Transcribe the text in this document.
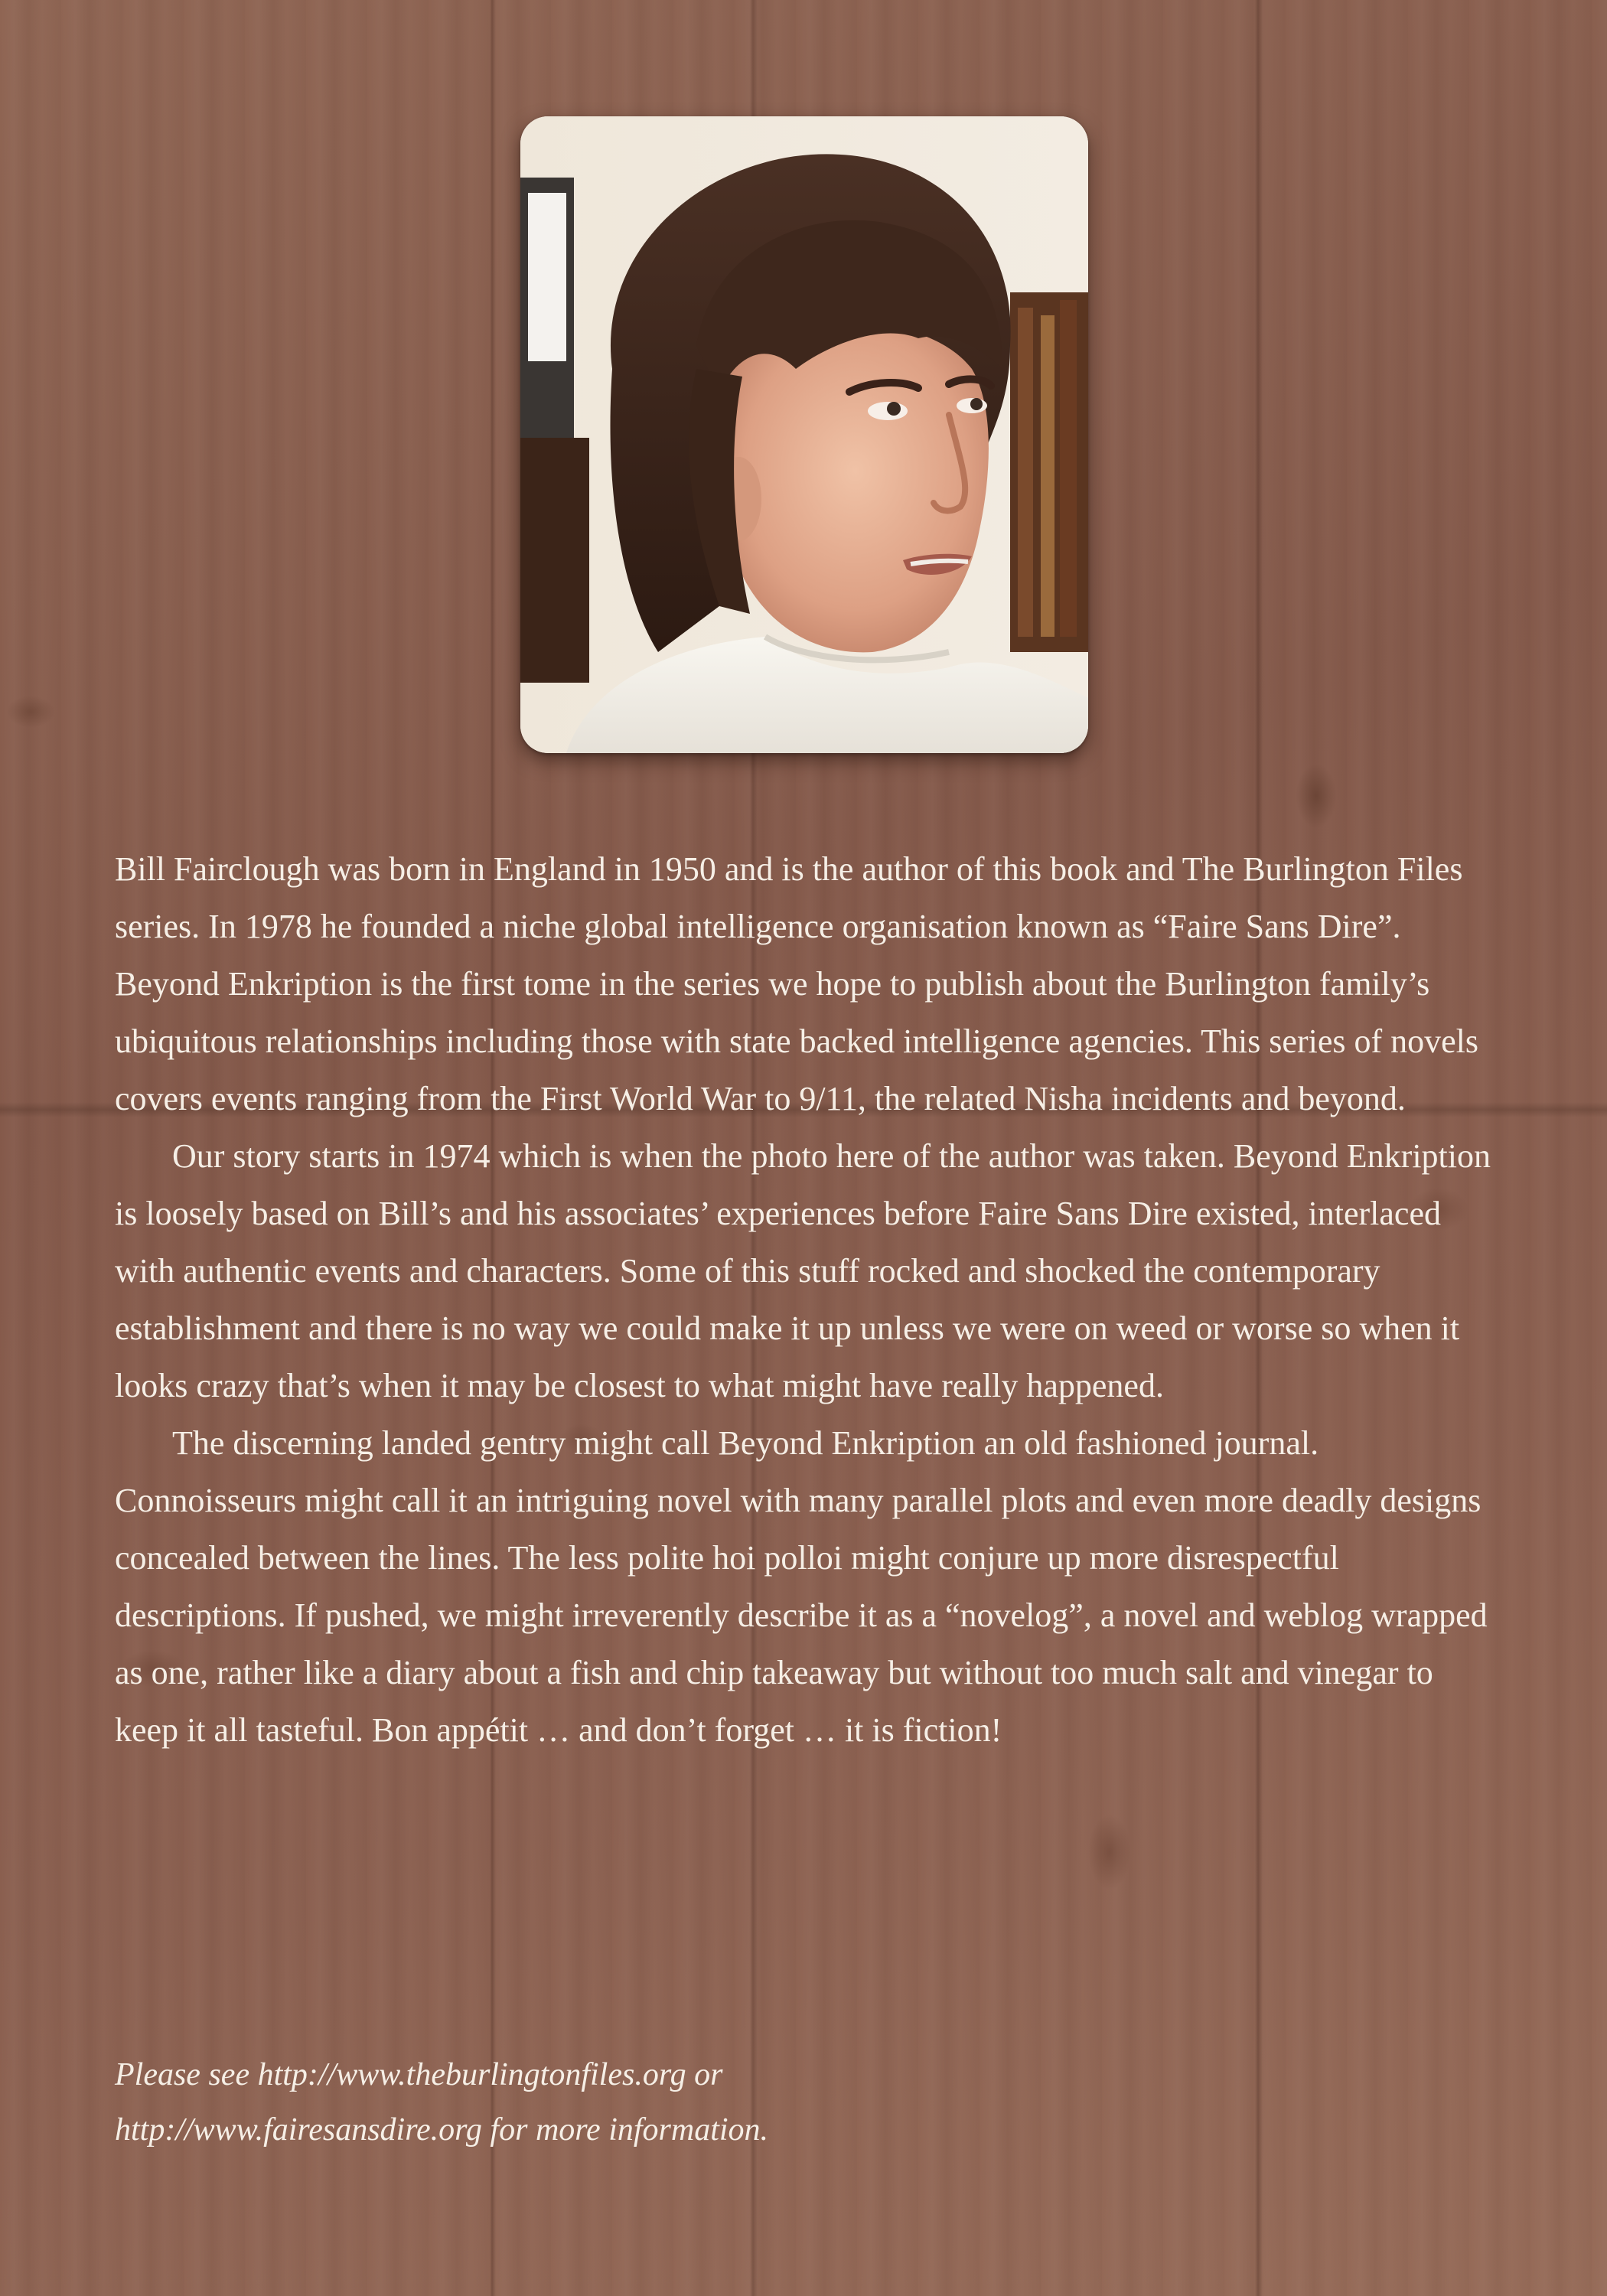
Bill Fairclough was born in England in 1950 and is the author of this book and The Burlington Files series. In 1978 he founded a niche global intelligence organisation known as “Faire Sans Dire”. Beyond Enkription is the first tome in the series we hope to publish about the Burlington family’s ubiquitous relationships including those with state backed intelligence agencies. This series of novels covers events ranging from the First World War to 9/11, the related Nisha incidents and beyond.

Our story starts in 1974 which is when the photo here of the author was taken. Beyond Enkription is loosely based on Bill’s and his associates’ experiences before Faire Sans Dire existed, interlaced with authentic events and characters. Some of this stuff rocked and shocked the contemporary establishment and there is no way we could make it up unless we were on weed or worse so when it looks crazy that’s when it may be closest to what might have really happened.

The discerning landed gentry might call Beyond Enkription an old fashioned journal. Connoisseurs might call it an intriguing novel with many parallel plots and even more deadly designs concealed between the lines. The less polite hoi polloi might conjure up more disrespectful descriptions. If pushed, we might irreverently describe it as a “novelog”, a novel and weblog wrapped as one, rather like a diary about a fish and chip takeaway but without too much salt and vinegar to keep it all tasteful. Bon appétit … and don’t forget … it is fiction!

Please see http://www.theburlingtonfiles.org or

http://www.fairesansdire.org for more information.
